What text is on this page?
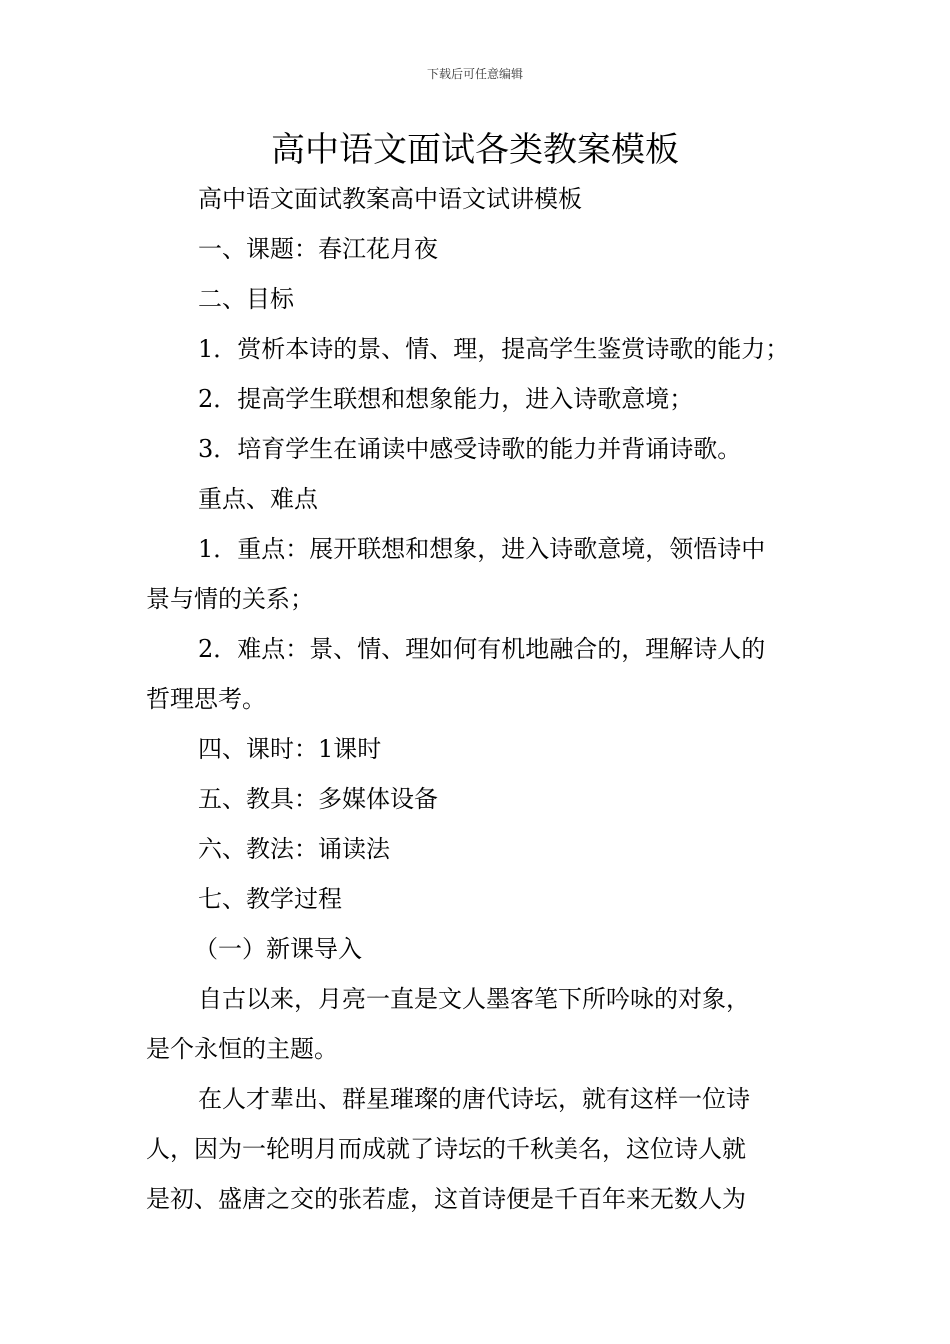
下载后可任意编辑
高中语文面试各类教案模板

高中语文面试教案高中语文试讲模板

一、课题：春江花月夜

二、目标

1．赏析本诗的景、情、理，提高学生鉴赏诗歌的能力；

2．提高学生联想和想象能力，进入诗歌意境；

3．培育学生在诵读中感受诗歌的能力并背诵诗歌。

重点、难点

1．重点：展开联想和想象，进入诗歌意境，领悟诗中

景与情的关系；

2．难点：景、情、理如何有机地融合的，理解诗人的

哲理思考。

四、课时：1课时

五、教具：多媒体设备

六、教法：诵读法

七、教学过程

（一）新课导入

自古以来，月亮一直是文人墨客笔下所吟咏的对象，

是个永恒的主题。

在人才辈出、群星璀璨的唐代诗坛，就有这样一位诗

人，因为一轮明月而成就了诗坛的千秋美名，这位诗人就

是初、盛唐之交的张若虚，这首诗便是千百年来无数人为
